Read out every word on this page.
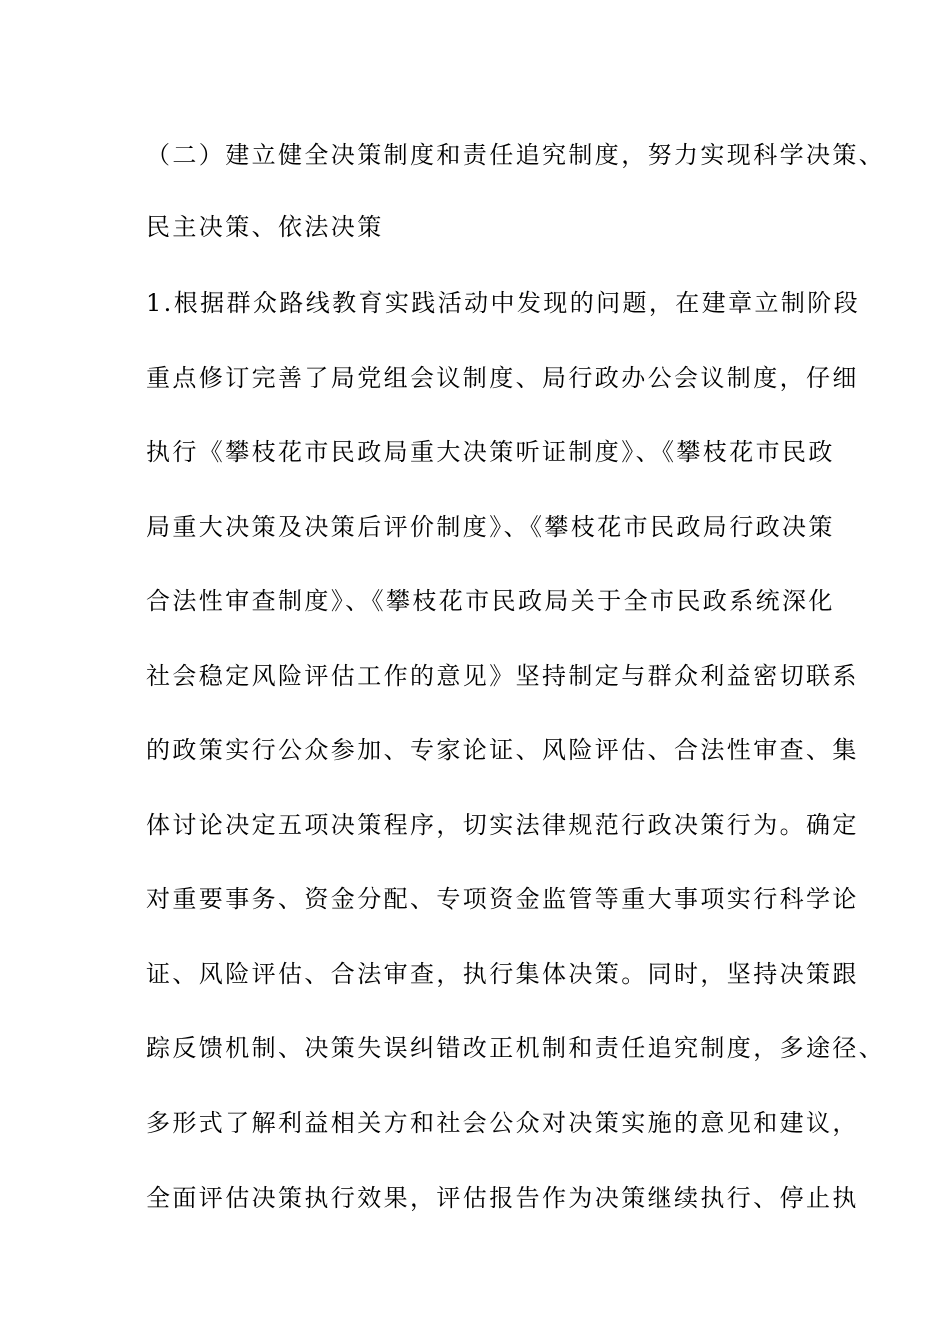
（二）建立健全决策制度和责任追究制度，努力实现科学决策、
民主决策、依法决策
1.根据群众路线教育实践活动中发现的问题，在建章立制阶段
重点修订完善了局党组会议制度、局行政办公会议制度，仔细
执行《攀枝花市民政局重大决策听证制度》、《攀枝花市民政
局重大决策及决策后评价制度》、《攀枝花市民政局行政决策
合法性审查制度》、《攀枝花市民政局关于全市民政系统深化
社会稳定风险评估工作的意见》坚持制定与群众利益密切联系
的政策实行公众参加、专家论证、风险评估、合法性审查、集
体讨论决定五项决策程序，切实法律规范行政决策行为。确定
对重要事务、资金分配、专项资金监管等重大事项实行科学论
证、风险评估、合法审查，执行集体决策。同时，坚持决策跟
踪反馈机制、决策失误纠错改正机制和责任追究制度，多途径、
多形式了解利益相关方和社会公众对决策实施的意见和建议，
全面评估决策执行效果，评估报告作为决策继续执行、停止执
